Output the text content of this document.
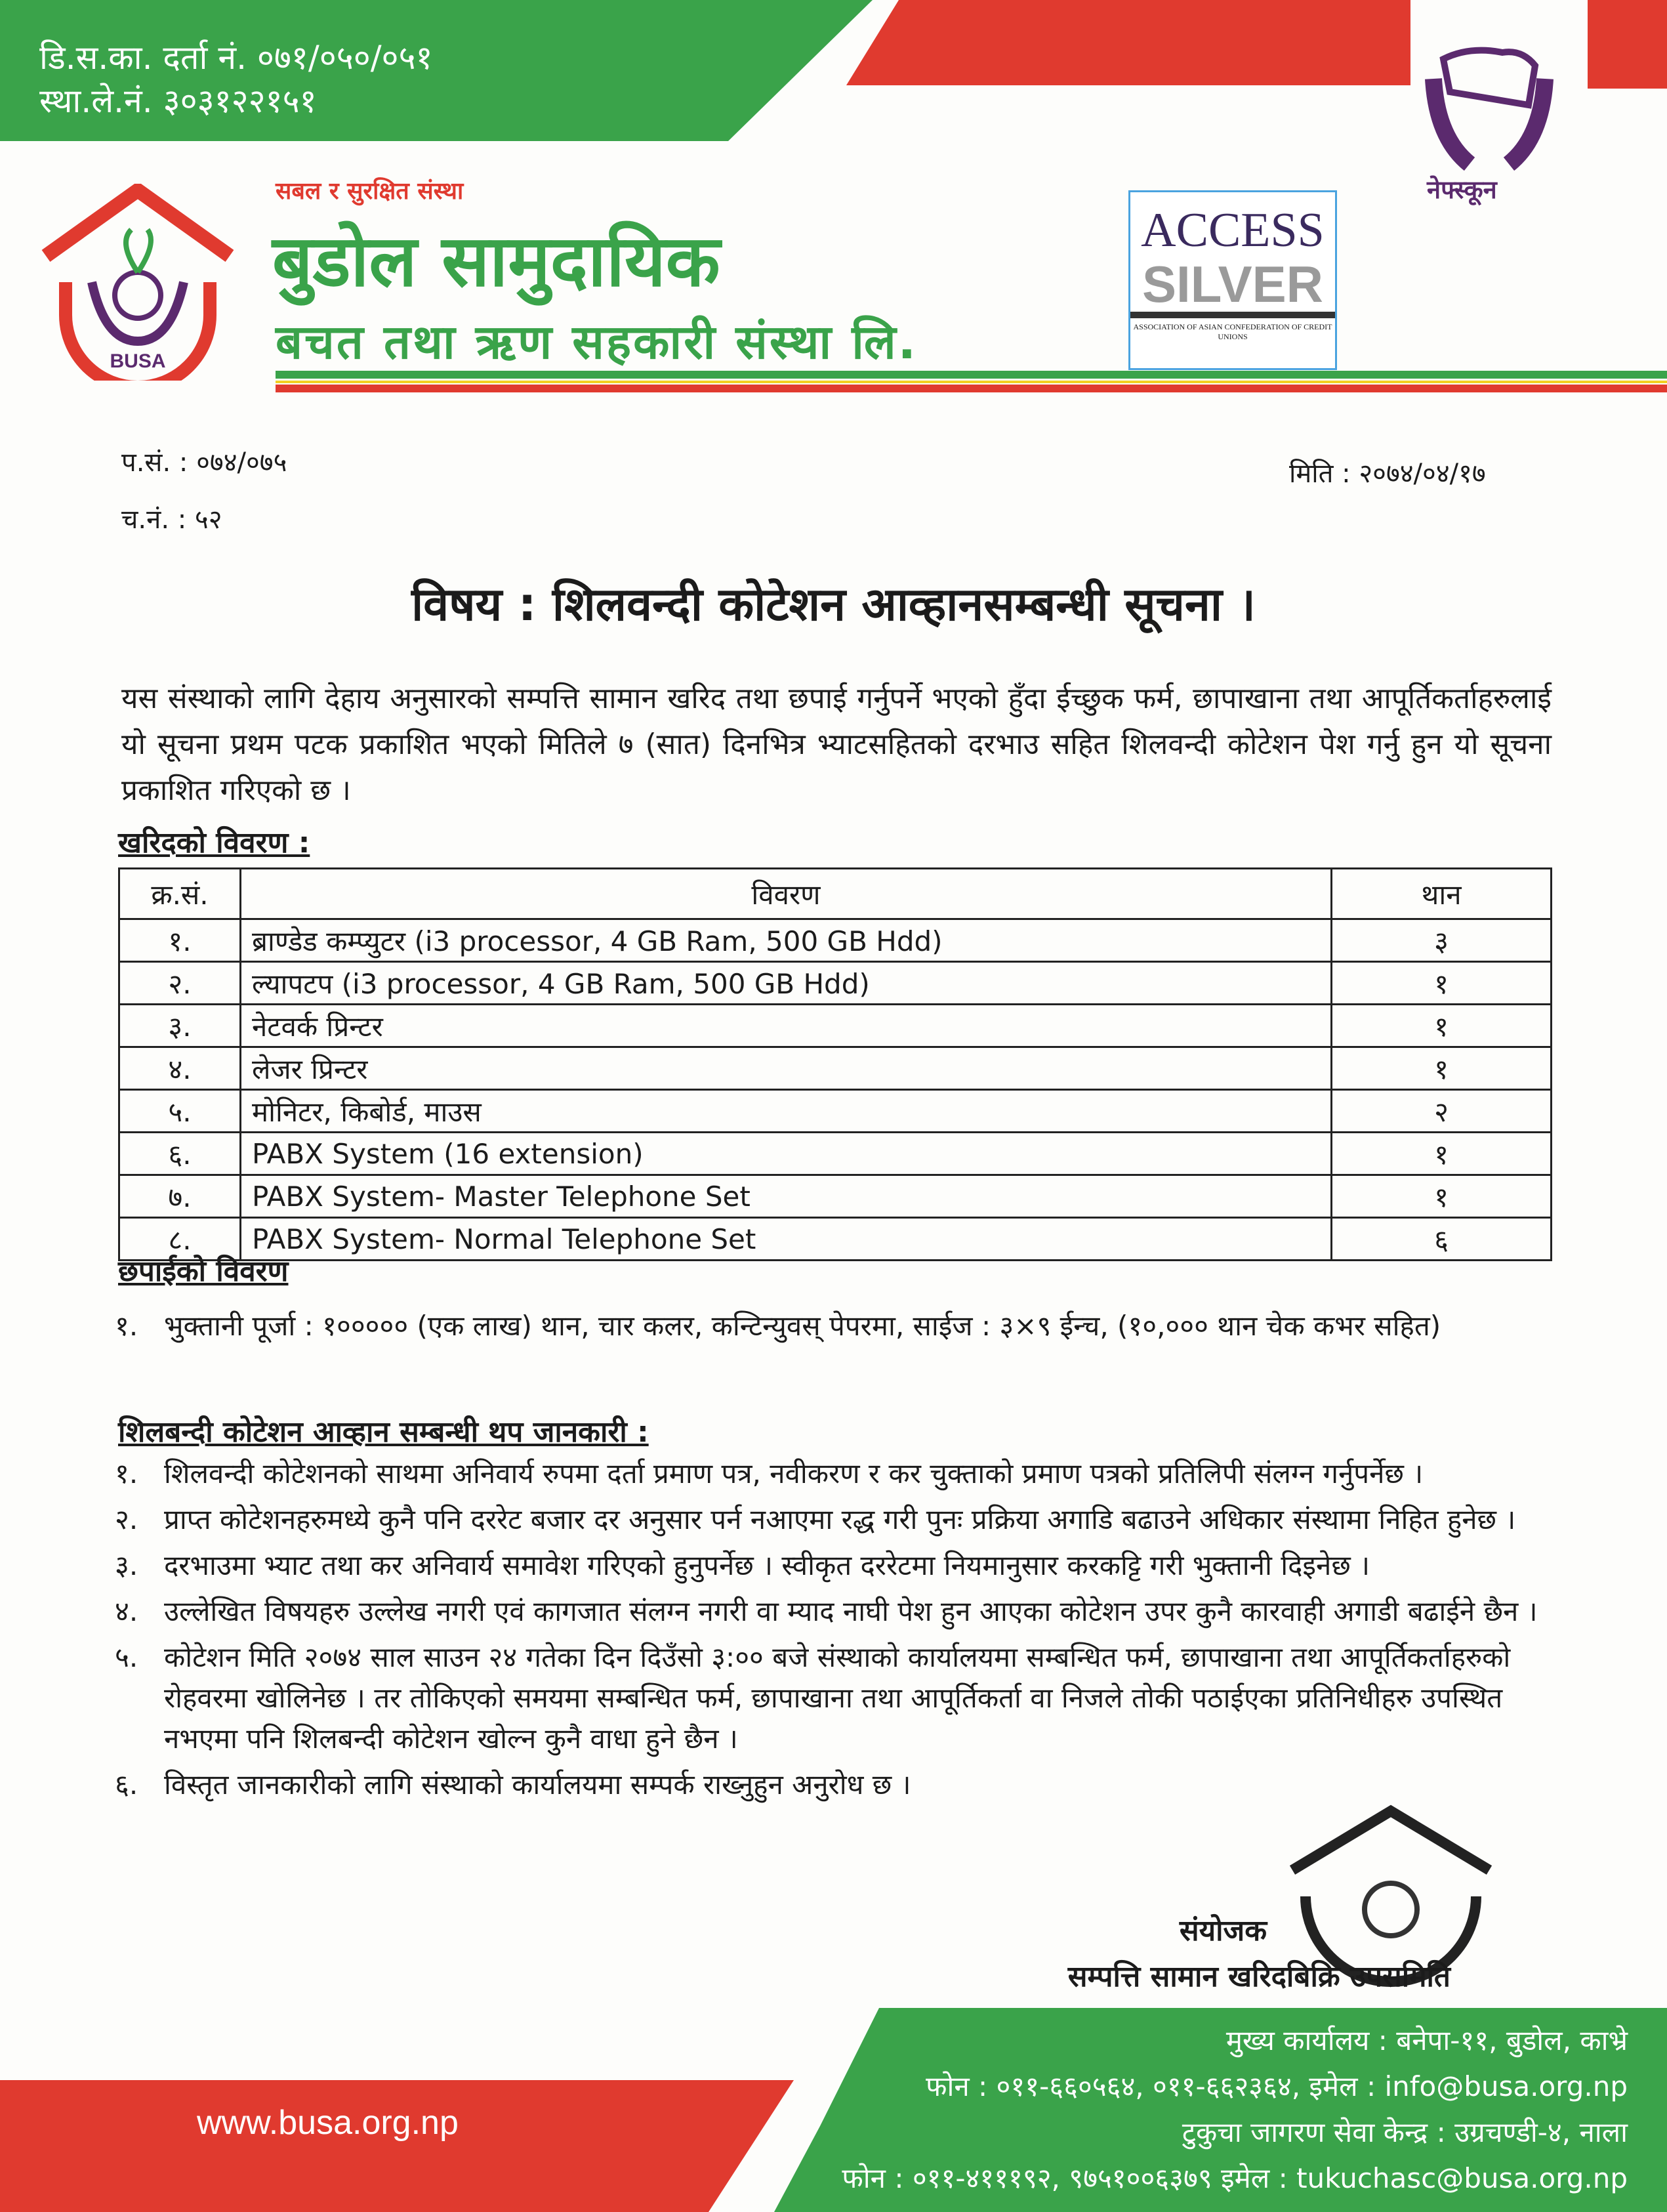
डि.स.का. दर्ता नं. ०७१/०५०/०५१
स्था.ले.नं. ३०३१२२१५१
BUSA
सबल र सुरक्षित संस्था
बुडोल सामुदायिक
बचत तथा ऋण सहकारी संस्था लि.
ACCESS
SILVER
ASSOCIATION OF ASIAN CONFEDERATION OF CREDIT UNIONS
नेफ्स्कून
प.सं. : ०७४/०७५
च.नं. : ५२
मिति : २०७४/०४/१७
विषय : शिलवन्दी कोटेशन आव्हानसम्बन्धी सूचना ।
यस संस्थाको लागि देहाय अनुसारको सम्पत्ति सामान खरिद तथा छपाई गर्नुपर्ने भएको हुँदा ईच्छुक फर्म, छापाखाना तथा आपूर्तिकर्ताहरुलाई यो सूचना प्रथम पटक प्रकाशित भएको मितिले ७ (सात) दिनभित्र भ्याटसहितको दरभाउ सहित शिलवन्दी कोटेशन पेश गर्नु हुन यो सूचना प्रकाशित गरिएको छ ।
खरिदको विवरण :
क्र.सं.	विवरण	थान
१.	ब्राण्डेड कम्प्युटर (i3 processor, 4 GB Ram, 500 GB Hdd)	३
२.	ल्यापटप (i3 processor, 4 GB Ram, 500 GB Hdd)	१
३.	नेटवर्क प्रिन्टर	१
४.	लेजर प्रिन्टर	१
५.	मोनिटर, किबोर्ड, माउस	२
६.	PABX System (16 extension)	१
७.	PABX System- Master Telephone Set	१
८.	PABX System- Normal Telephone Set	६
छपाईको विवरण
१. भुक्तानी पूर्जा : १००००० (एक लाख) थान, चार कलर, कन्टिन्युवस् पेपरमा, साईज : ३×९ ईन्च, (१०,००० थान चेक कभर सहित)
शिलबन्दी कोटेशन आव्हान सम्बन्धी थप जानकारी :
१. शिलवन्दी कोटेशनको साथमा अनिवार्य रुपमा दर्ता प्रमाण पत्र, नवीकरण र कर चुक्ताको प्रमाण पत्रको प्रतिलिपी संलग्न गर्नुपर्नेछ ।
२. प्राप्त कोटेशनहरुमध्ये कुनै पनि दररेट बजार दर अनुसार पर्न नआएमा रद्ध गरी पुनः प्रक्रिया अगाडि बढाउने अधिकार संस्थामा निहित हुनेछ ।
३. दरभाउमा भ्याट तथा कर अनिवार्य समावेश गरिएको हुनुपर्नेछ । स्वीकृत दररेटमा नियमानुसार करकट्टि गरी भुक्तानी दिइनेछ ।
४. उल्लेखित विषयहरु उल्लेख नगरी एवं कागजात संलग्न नगरी वा म्याद नाघी पेश हुन आएका कोटेशन उपर कुनै कारवाही अगाडी बढाईने छैन ।
५. कोटेशन मिति २०७४ साल साउन २४ गतेका दिन दिउँसो ३:०० बजे संस्थाको कार्यालयमा सम्बन्धित फर्म, छापाखाना तथा आपूर्तिकर्ताहरुको रोहवरमा खोलिनेछ । तर तोकिएको समयमा सम्बन्धित फर्म, छापाखाना तथा आपूर्तिकर्ता वा निजले तोकी पठाईएका प्रतिनिधीहरु उपस्थित नभएमा पनि शिलबन्दी कोटेशन खोल्न कुनै वाधा हुने छैन ।
६. विस्तृत जानकारीको लागि संस्थाको कार्यालयमा सम्पर्क राख्नुहुन अनुरोध छ ।
संयोजक
सम्पत्ति सामान खरिदबिक्रि उपसमिति
www.busa.org.np
मुख्य कार्यालय : बनेपा-११, बुडोल, काभ्रे
फोन : ०११-६६०५६४, ०११-६६२३६४, इमेल : info@busa.org.np
टुकुचा जागरण सेवा केन्द्र : उग्रचण्डी-४, नाला
फोन : ०११-४१११९२, ९७५१००६३७९ इमेल : tukuchasc@busa.org.np
